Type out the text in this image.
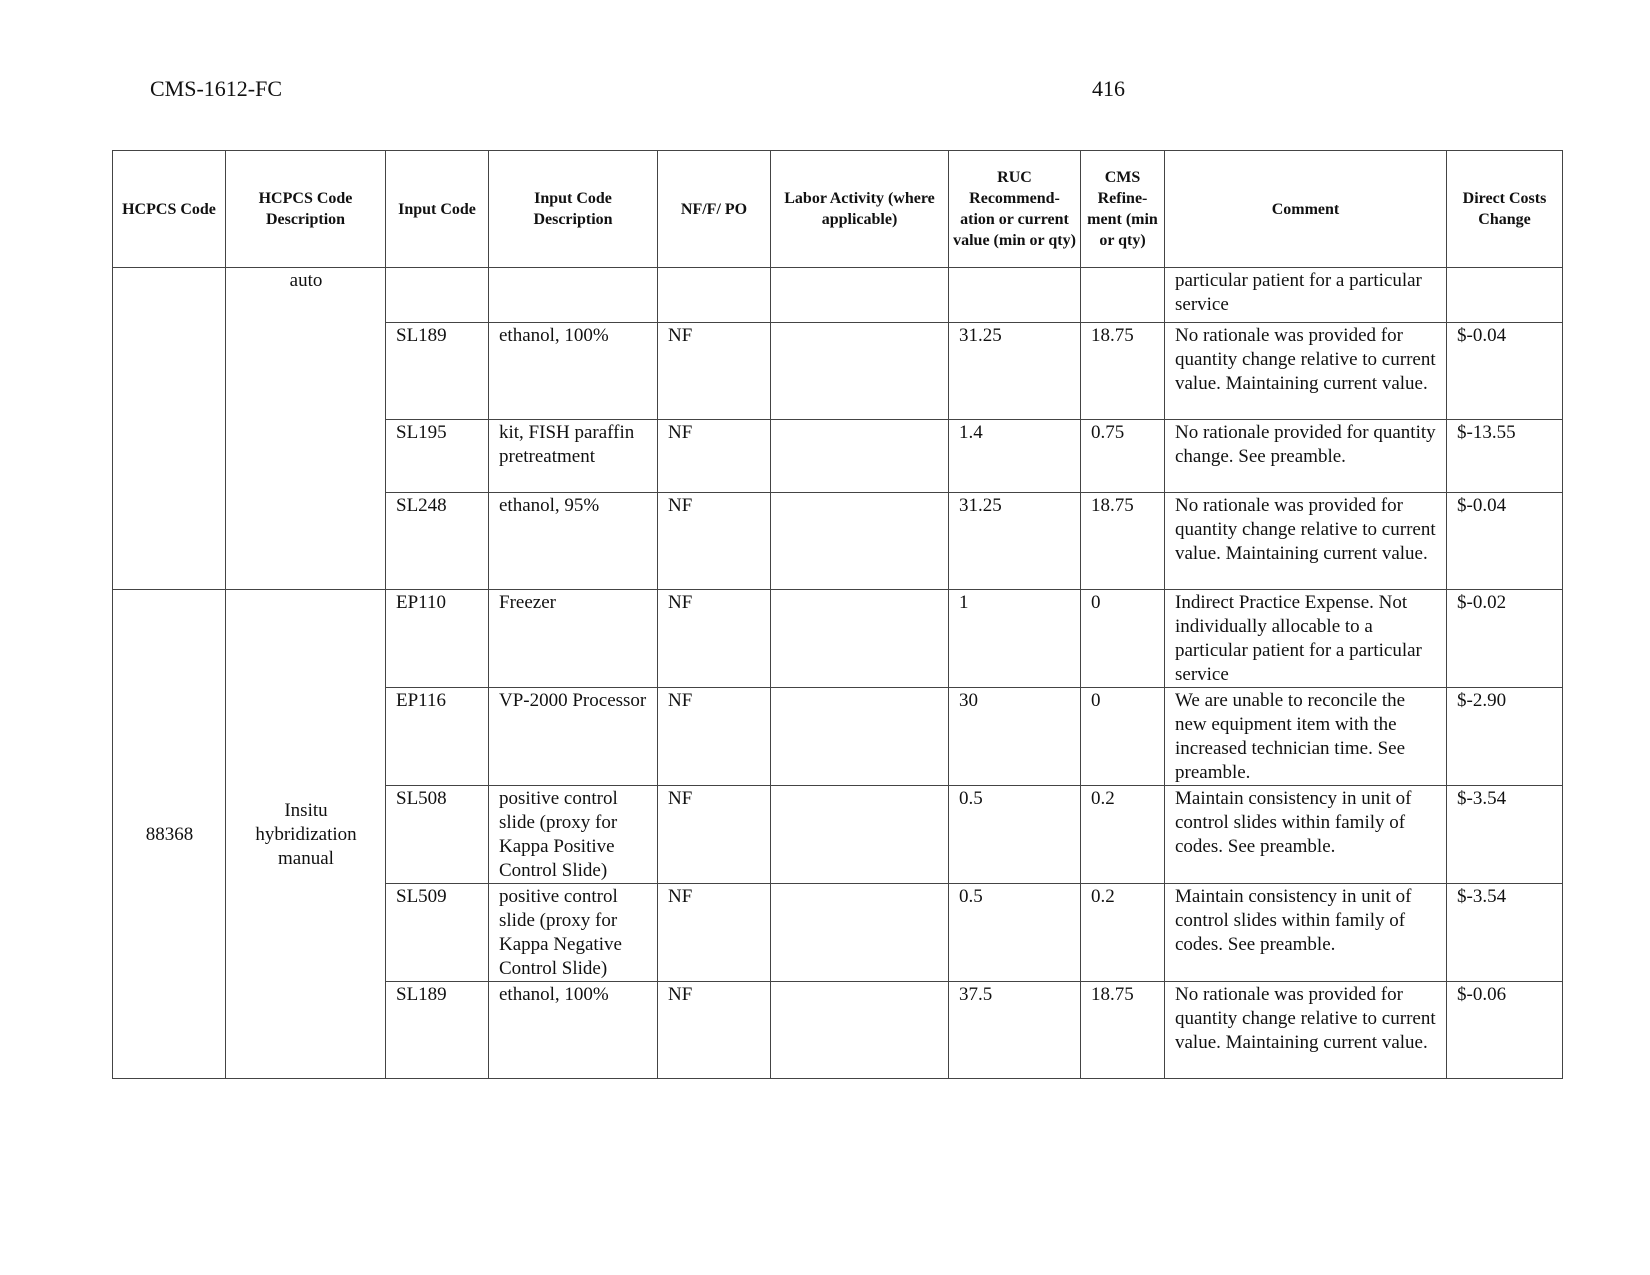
CMS-1612-FC	416
HCPCS Code	HCPCS Code Description	Input Code	Input Code Description	NF/F/ PO	Labor Activity (where applicable)	RUC Recommend-ation or current value (min or qty)	CMS Refine-ment (min or qty)	Comment	Direct Costs Change
	auto							particular patient for a particular service	
		SL189	ethanol, 100%	NF		31.25	18.75	No rationale was provided for quantity change relative to current value. Maintaining current value.	$-0.04
		SL195	kit, FISH paraffin pretreatment	NF		1.4	0.75	No rationale provided for quantity change. See preamble.	$-13.55
		SL248	ethanol, 95%	NF		31.25	18.75	No rationale was provided for quantity change relative to current value. Maintaining current value.	$-0.04
88368	Insitu hybridization manual	EP110	Freezer	NF		1	0	Indirect Practice Expense. Not individually allocable to a particular patient for a particular service	$-0.02
		EP116	VP-2000 Processor	NF		30	0	We are unable to reconcile the new equipment item with the increased technician time. See preamble.	$-2.90
		SL508	positive control slide (proxy for Kappa Positive Control Slide)	NF		0.5	0.2	Maintain consistency in unit of control slides within family of codes. See preamble.	$-3.54
		SL509	positive control slide (proxy for Kappa Negative Control Slide)	NF		0.5	0.2	Maintain consistency in unit of control slides within family of codes. See preamble.	$-3.54
		SL189	ethanol, 100%	NF		37.5	18.75	No rationale was provided for quantity change relative to current value. Maintaining current value.	$-0.06
